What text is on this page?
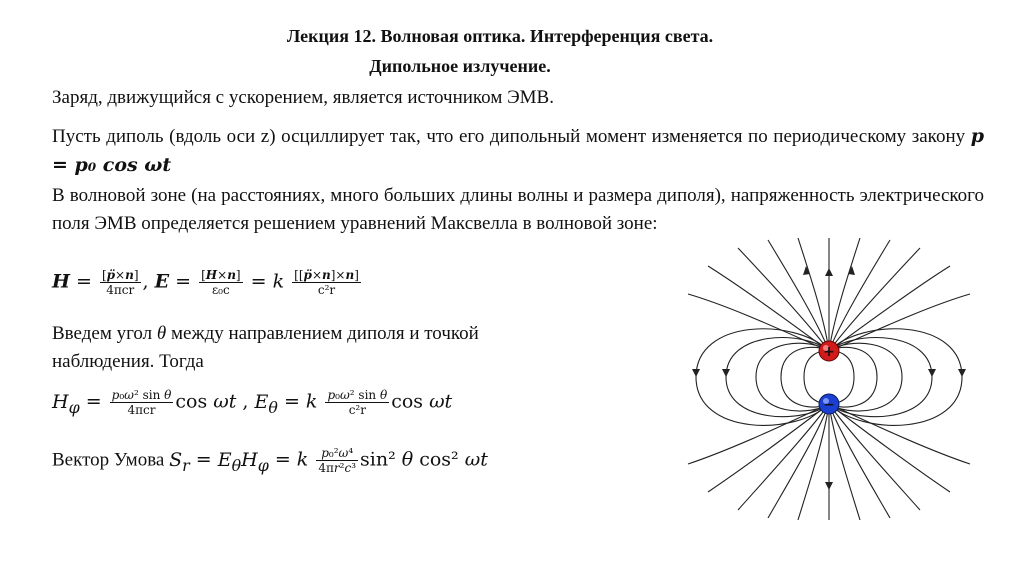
Лекция 12. Волновая оптика. Интерференция света.
Дипольное излучение.
Заряд, движущийся с ускорением, является источником ЭМВ.
Пусть диполь (вдоль оси z) осциллирует так, что его дипольный момент изменяется по периодическому закону p = p₀ cos ωt
В волновой зоне (на расстояниях, много больших длины волны и размера диполя), напряженность электрического поля ЭМВ определяется решением уравнений Максвелла в волновой зоне:
$H = \frac{[p̈\times n]}{\text{4πcr}}$ , $E = \frac{[H\times n]}{\text{ε₀c}} = k \frac{[[p̈\times n]\times n]}{\text{c²r}}$
Введем угол θ между направлением диполя и точкой наблюдения. Тогда
$H_\varphi = \frac{\text{p₀ω² sin θ}}{\text{4πcr}}$ cos ωt , $E_\theta = k \frac{\text{p₀ω² sin θ}}{\text{c²r}}$ cos ωt
Вектор Умова $S_r = E_\theta H_\varphi = k \frac{\text{p₀²ω⁴}}{\text{4πr²c³}} \sin^2$ θ cos² ωt
+
−
